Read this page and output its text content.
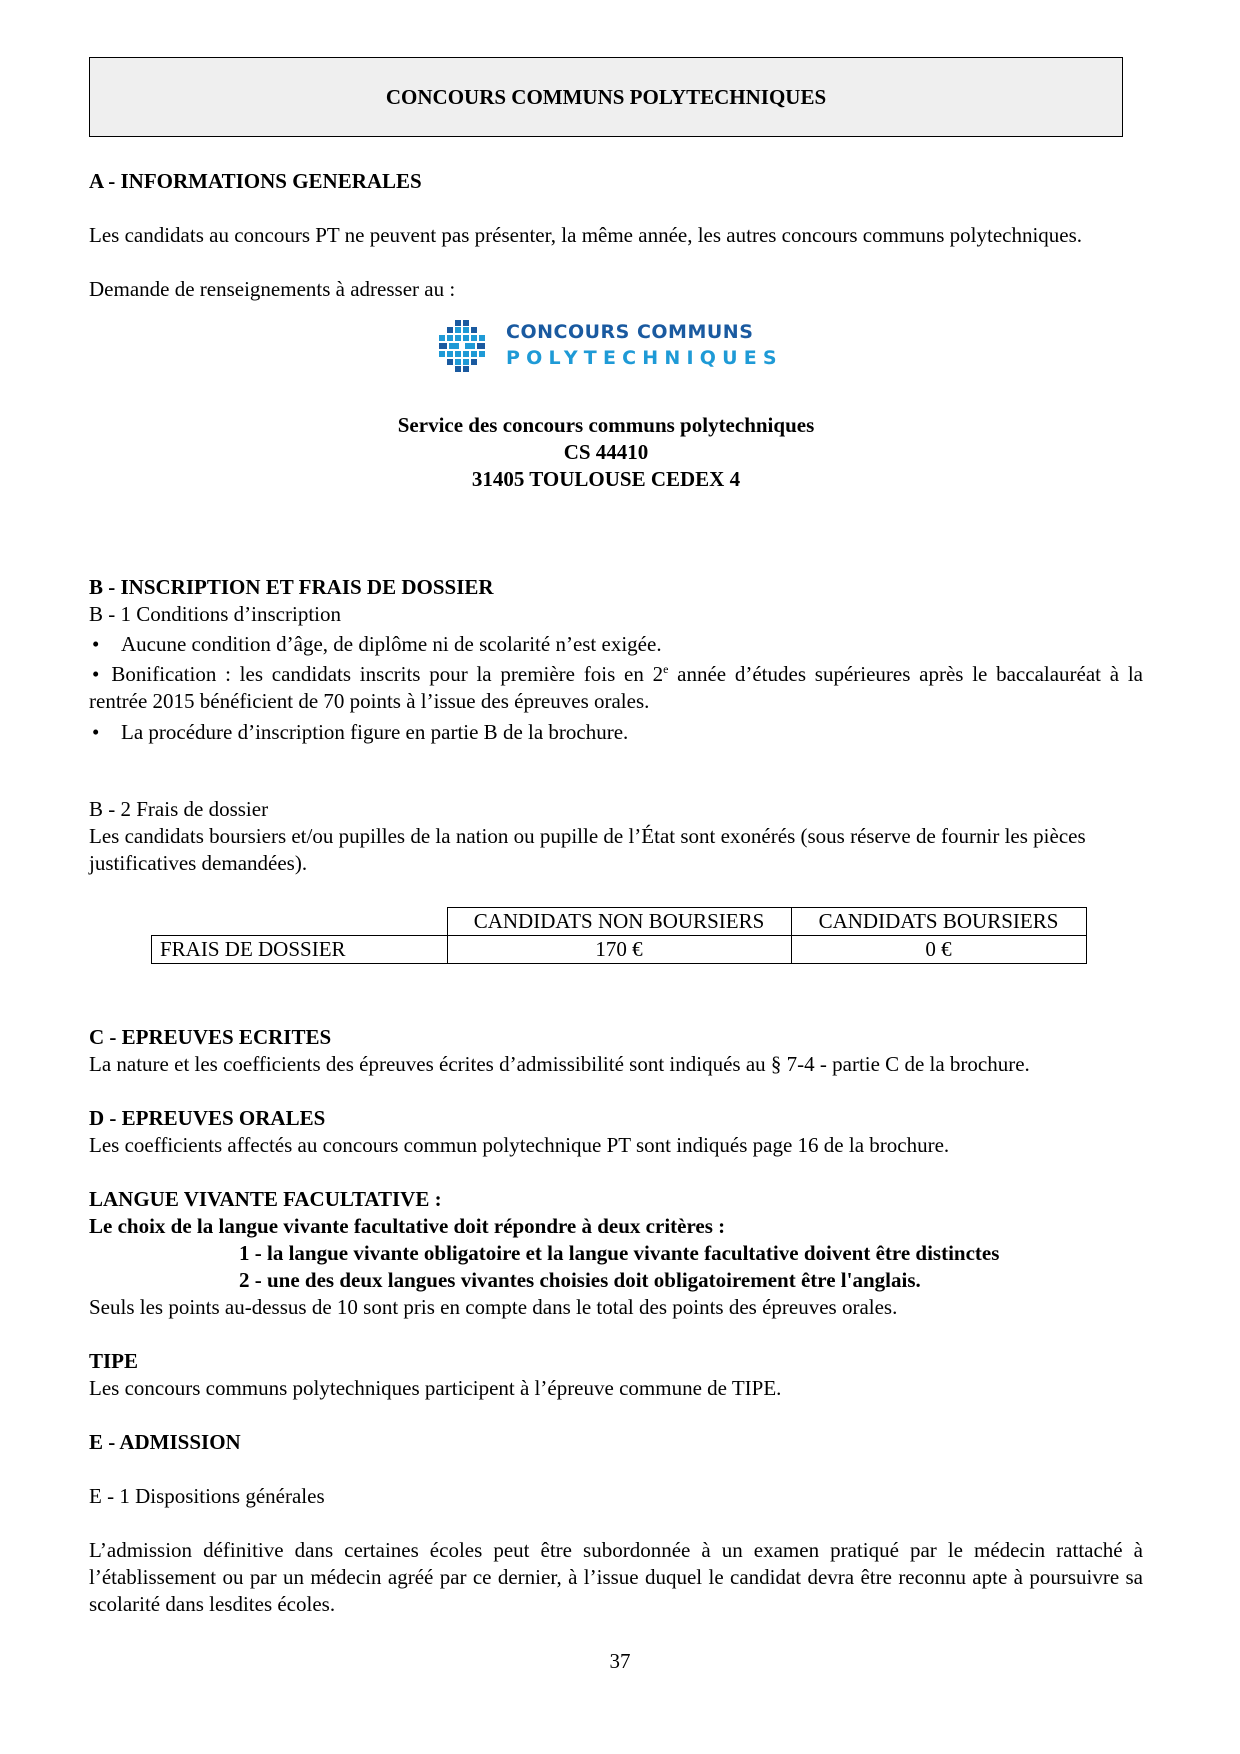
CONCOURS COMMUNS POLYTECHNIQUES
A - INFORMATIONS GENERALES

Les candidats au concours PT ne peuvent pas présenter, la même année, les autres concours communs polytechniques.

Demande de renseignements à adresser au :

CONCOURS COMMUNS
POLYTECHNIQUES
Service des concours communs polytechniques
CS 44410
31405 TOULOUSE CEDEX 4
B - INSCRIPTION ET FRAIS DE DOSSIER
B - 1 Conditions d’inscription
•	Aucune condition d’âge, de diplôme ni de scolarité n’est exigée.

• Bonification : les candidats inscrits pour la première fois en 2e année d’études supérieures après le baccalauréat à la rentrée 2015 bénéficient de 70 points à l’issue des épreuves orales.

•	La procédure d’inscription figure en partie B de la brochure.
B - 2 Frais de dossier

Les candidats boursiers et/ou pupilles de la nation ou pupille de l’État sont exonérés (sous réserve de fournir les pièces justificatives demandées).

	CANDIDATS NON BOURSIERS	CANDIDATS BOURSIERS
FRAIS DE DOSSIER	170 €	0 €
C - EPREUVES ECRITES

La nature et les coefficients des épreuves écrites d’admissibilité sont indiqués au § 7-4 - partie C de la brochure.

D - EPREUVES ORALES

Les coefficients affectés au concours commun polytechnique PT sont indiqués page 16 de la brochure.

LANGUE VIVANTE FACULTATIVE :
Le choix de la langue vivante facultative doit répondre à deux critères :
1 - la langue vivante obligatoire et la langue vivante facultative doivent être distinctes
2 - une des deux langues vivantes choisies doit obligatoirement être l'anglais.

Seuls les points au-dessus de 10 sont pris en compte dans le total des points des épreuves orales.

TIPE

Les concours communs polytechniques participent à l’épreuve commune de TIPE.

E - ADMISSION
E - 1 Dispositions générales

L’admission définitive dans certaines écoles peut être subordonnée à un examen pratiqué par le médecin rattaché à l’établissement ou par un médecin agréé par ce dernier, à l’issue duquel le candidat devra être reconnu apte à poursuivre sa scolarité dans lesdites écoles.

37
